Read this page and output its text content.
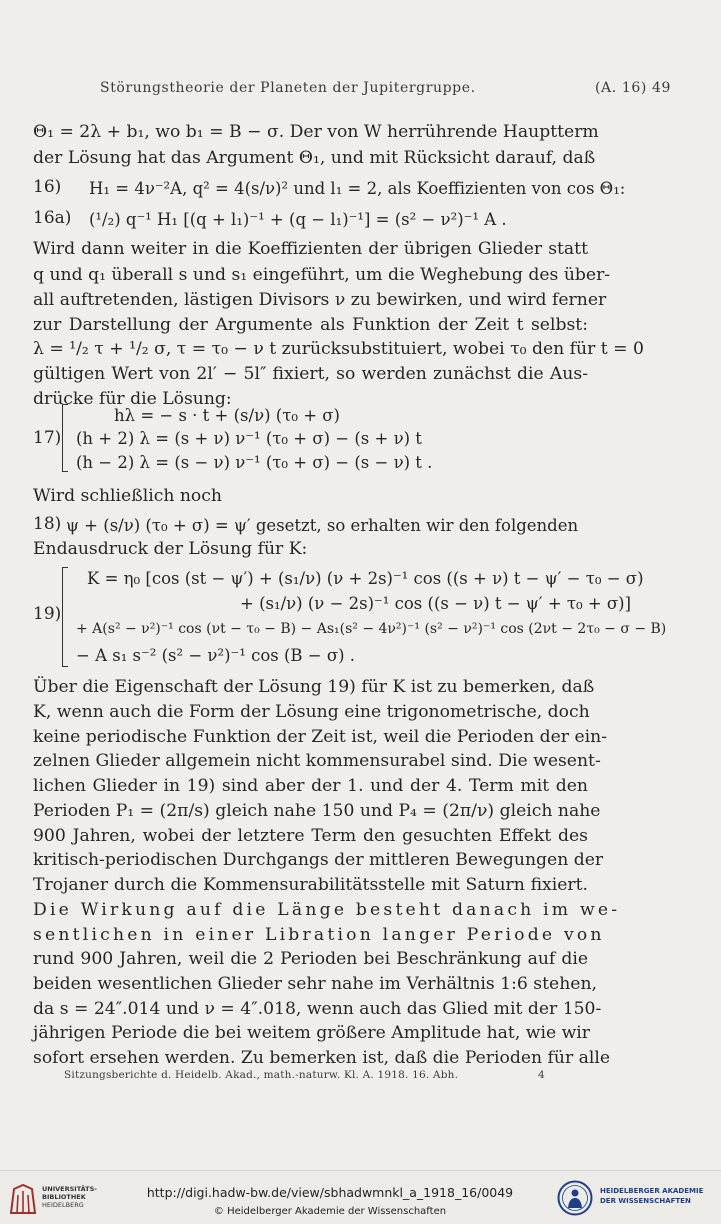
Störungstheorie der Planeten der Jupitergruppe.	(A. 16) 49
Θ₁ = 2λ + b₁, wo b₁ = B − σ. Der von W herrührende Hauptterm
der Lösung hat das Argument Θ₁, und mit Rücksicht darauf, daß
16) H₁ = 4ν⁻²A, q² = 4(s/ν)² und l₁ = 2, als Koeffizienten von cos Θ₁:
16a) (¹/₂) q⁻¹ H₁ [(q + l₁)⁻¹ + (q − l₁)⁻¹] = (s² − ν²)⁻¹ A .
Wird dann weiter in die Koeffizienten der übrigen Glieder statt
q und q₁ überall s und s₁ eingeführt, um die Weghebung des über-
all auftretenden, lästigen Divisors ν zu bewirken, und wird ferner
zur Darstellung der Argumente als Funktion der Zeit t selbst:
λ = ¹/₂ τ + ¹/₂ σ, τ = τ₀ − ν t zurücksubstituiert, wobei τ₀ den für t = 0
gültigen Wert von 2l′ − 5l″ fixiert, so werden zunächst die Aus-
drücke für die Lösung:
17)
hλ = − s · t + (s/ν) (τ₀ + σ)
(h + 2) λ = (s + ν) ν⁻¹ (τ₀ + σ) − (s + ν) t
(h − 2) λ = (s − ν) ν⁻¹ (τ₀ + σ) − (s − ν) t .
Wird schließlich noch
18) ψ + (s/ν) (τ₀ + σ) = ψ′ gesetzt, so erhalten wir den folgenden
Endausdruck der Lösung für K:
19)
K = η₀ [cos (st − ψ′) + (s₁/ν) (ν + 2s)⁻¹ cos ((s + ν) t − ψ′ − τ₀ − σ)
+ (s₁/ν) (ν − 2s)⁻¹ cos ((s − ν) t − ψ′ + τ₀ + σ)]
+ A(s² − ν²)⁻¹ cos (νt − τ₀ − B) − As₁(s² − 4ν²)⁻¹ (s² − ν²)⁻¹ cos (2νt − 2τ₀ − σ − B)
− A s₁ s⁻² (s² − ν²)⁻¹ cos (B − σ) .
Über die Eigenschaft der Lösung 19) für K ist zu bemerken, daß
K, wenn auch die Form der Lösung eine trigonometrische, doch
keine periodische Funktion der Zeit ist, weil die Perioden der ein-
zelnen Glieder allgemein nicht kommensurabel sind. Die wesent-
lichen Glieder in 19) sind aber der 1. und der 4. Term mit den
Perioden P₁ = (2π/s) gleich nahe 150 und P₄ = (2π/ν) gleich nahe
900 Jahren, wobei der letztere Term den gesuchten Effekt des
kritisch-periodischen Durchgangs der mittleren Bewegungen der
Trojaner durch die Kommensurabilitätsstelle mit Saturn fixiert.
Die Wirkung auf die Länge besteht danach im we-
sentlichen in einer Libration langer Periode von
rund 900 Jahren, weil die 2 Perioden bei Beschränkung auf die
beiden wesentlichen Glieder sehr nahe im Verhältnis 1:6 stehen,
da s = 24″.014 und ν = 4″.018, wenn auch das Glied mit der 150-
jährigen Periode die bei weitem größere Amplitude hat, wie wir
sofort ersehen werden. Zu bemerken ist, daß die Perioden für alle
Sitzungsberichte d. Heidelb. Akad., math.-naturw. Kl. A. 1918. 16. Abh.	4
UNIVERSITÄTS-
BIBLIOTHEK
HEIDELBERG
http://digi.hadw-bw.de/view/sbhadwmnkl_a_1918_16/0049
© Heidelberger Akademie der Wissenschaften
HEIDELBERGER AKADEMIE
DER WISSENSCHAFTEN
